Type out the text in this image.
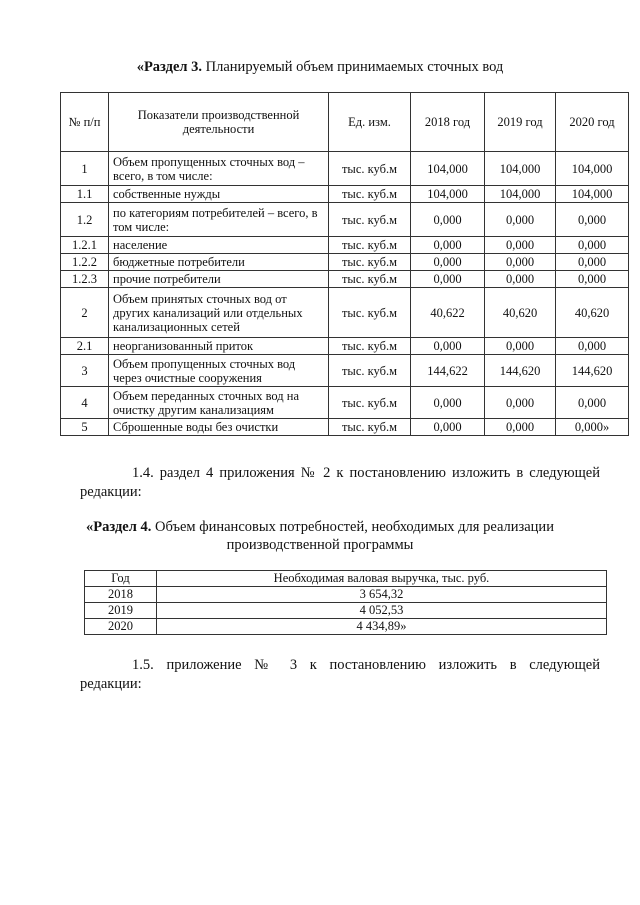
«Раздел 3. Планируемый объем принимаемых сточных вод
№ п/п	Показатели производственной деятельности	Ед. изм.	2018 год	2019 год	2020 год
1	Объем пропущенных сточных вод – всего, в том числе:	тыс. куб.м	104,000	104,000	104,000
1.1	собственные нужды	тыс. куб.м	104,000	104,000	104,000
1.2	по категориям потребителей – всего, в том числе:	тыс. куб.м	0,000	0,000	0,000
1.2.1	население	тыс. куб.м	0,000	0,000	0,000
1.2.2	бюджетные потребители	тыс. куб.м	0,000	0,000	0,000
1.2.3	прочие потребители	тыс. куб.м	0,000	0,000	0,000
2	Объем принятых сточных вод от других канализаций или отдельных канализационных сетей	тыс. куб.м	40,622	40,620	40,620
2.1	неорганизованный приток	тыс. куб.м	0,000	0,000	0,000
3	Объем пропущенных сточных вод через очистные сооружения	тыс. куб.м	144,622	144,620	144,620
4	Объем переданных сточных вод на очистку другим канализациям	тыс. куб.м	0,000	0,000	0,000
5	Сброшенные воды без очистки	тыс. куб.м	0,000	0,000	0,000»
1.4. раздел 4 приложения № 2 к постановлению изложить в следующей
редакции:
«Раздел 4. Объем финансовых потребностей, необходимых для реализации
производственной программы
Год	Необходимая валовая выручка, тыс. руб.
2018	3 654,32
2019	4 052,53
2020	4 434,89»
1.5. приложение № 3 к постановлению изложить в следующей
редакции:
